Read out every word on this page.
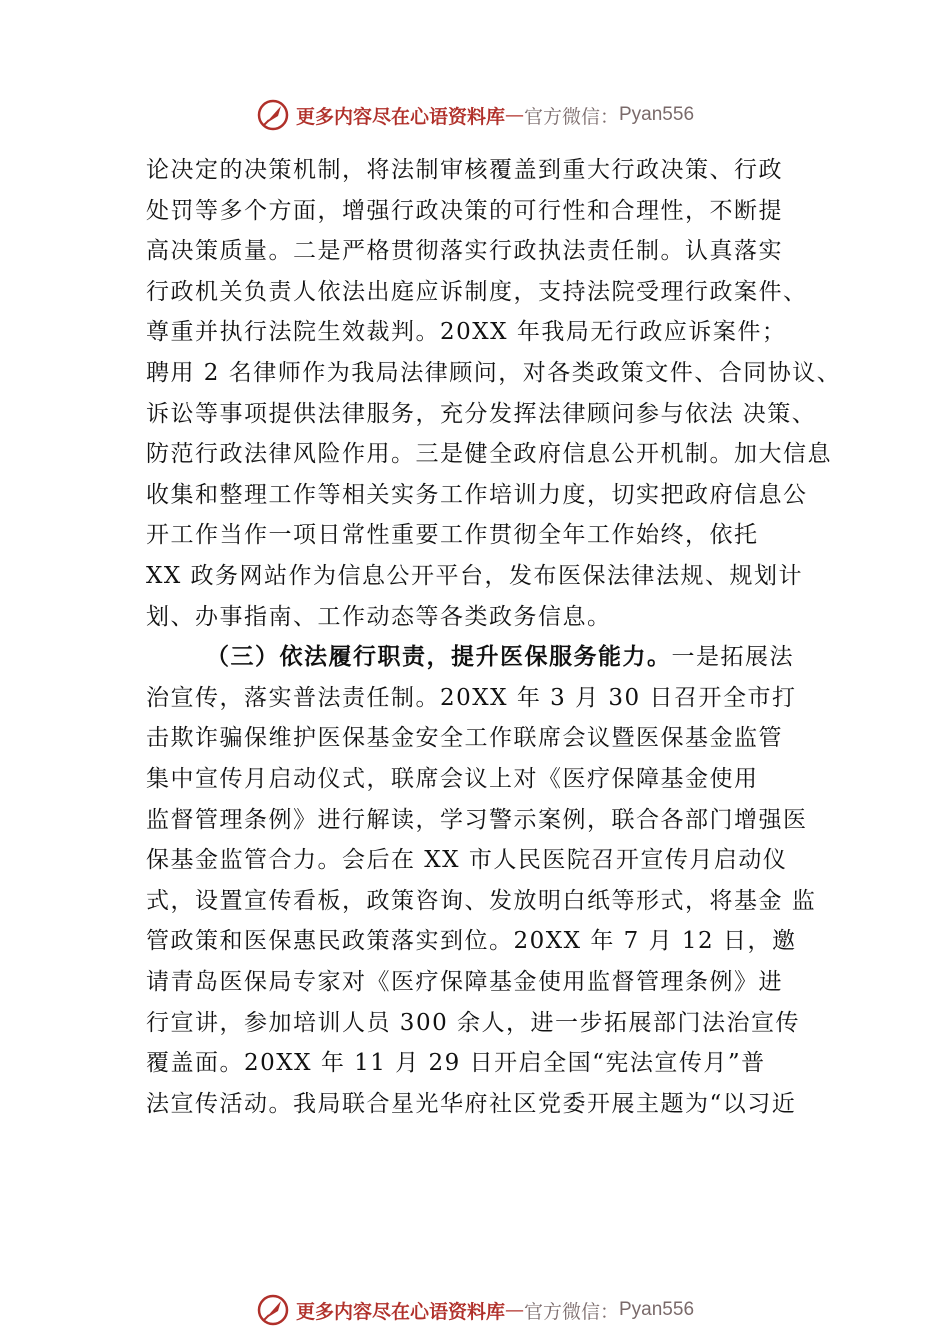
更多内容尽在心语资料库 — 官方微信： Pyan556
论决定的决策机制，将法制审核覆盖到重大行政决策、行政
处罚等多个方面，增强行政决策的可行性和合理性，不断提
高决策质量。二是严格贯彻落实行政执法责任制。认真落实
行政机关负责人依法出庭应诉制度，支持法院受理行政案件、
尊重并执行法院生效裁判。20XX 年我局无行政应诉案件；
聘用 2 名律师作为我局法律顾问，对各类政策文件、合同协议、
诉讼等事项提供法律服务，充分发挥法律顾问参与依法 决策、
防范行政法律风险作用。三是健全政府信息公开机制。加大信息
收集和整理工作等相关实务工作培训力度，切实把政府信息公
开工作当作一项日常性重要工作贯彻全年工作始终，依托
XX 政务网站作为信息公开平台，发布医保法律法规、规划计
划、办事指南、工作动态等各类政务信息。
（三）依法履行职责，提升医保服务能力。一是拓展法
治宣传，落实普法责任制。20XX 年 3 月 30 日召开全市打
击欺诈骗保维护医保基金安全工作联席会议暨医保基金监管
集中宣传月启动仪式，联席会议上对《医疗保障基金使用
监督管理条例》进行解读，学习警示案例，联合各部门增强医
保基金监管合力。会后在 XX 市人民医院召开宣传月启动仪
式，设置宣传看板，政策咨询、发放明白纸等形式，将基金 监
管政策和医保惠民政策落实到位。20XX 年 7 月 12 日，邀
请青岛医保局专家对《医疗保障基金使用监督管理条例》进
行宣讲，参加培训人员 300 余人，进一步拓展部门法治宣传
覆盖面。20XX 年 11 月 29 日开启全国“宪法宣传月”普
法宣传活动。我局联合星光华府社区党委开展主题为“以习近
更多内容尽在心语资料库 — 官方微信： Pyan556
